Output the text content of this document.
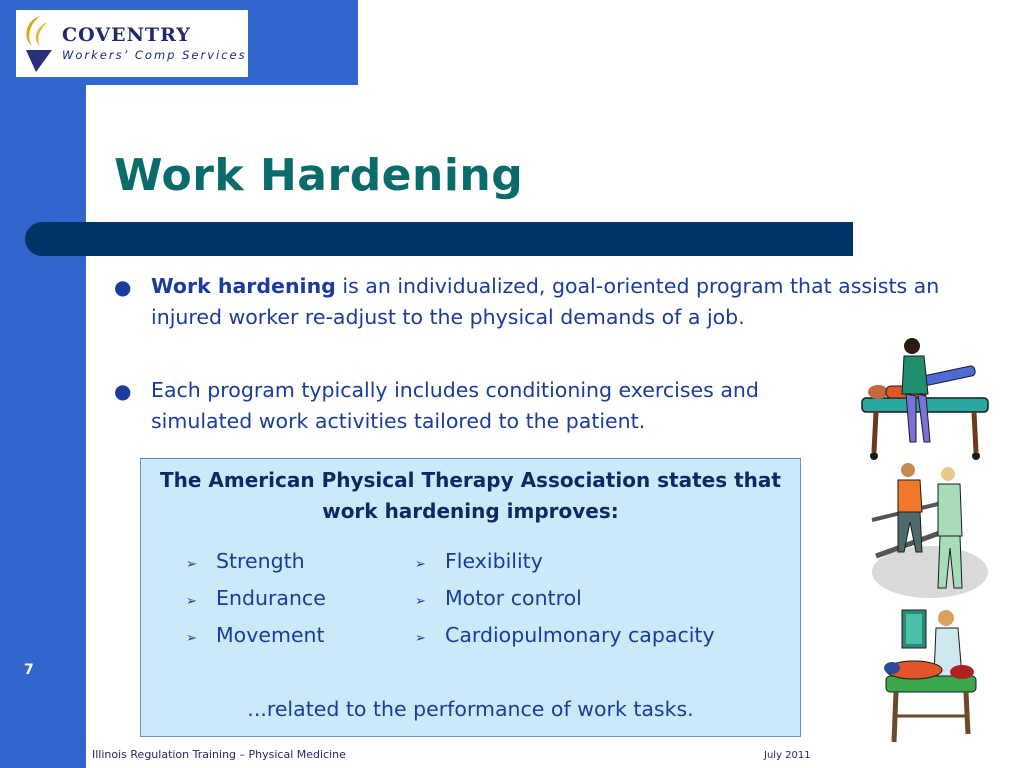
COVENTRY
Workers’ Comp Services
Work Hardening
● Work hardening is an individualized, goal-oriented program that assists an injured worker re-adjust to the physical demands of a job.
● Each program typically includes conditioning exercises and simulated work activities tailored to the patient.
The American Physical Therapy Association states that work hardening improves:
➢ Strength
➢ Endurance
➢ Movement
➢ Flexibility
➢ Motor control
➢ Cardiopulmonary capacity
...related to the performance of work tasks.
7
Illinois Regulation Training – Physical Medicine	July 2011
